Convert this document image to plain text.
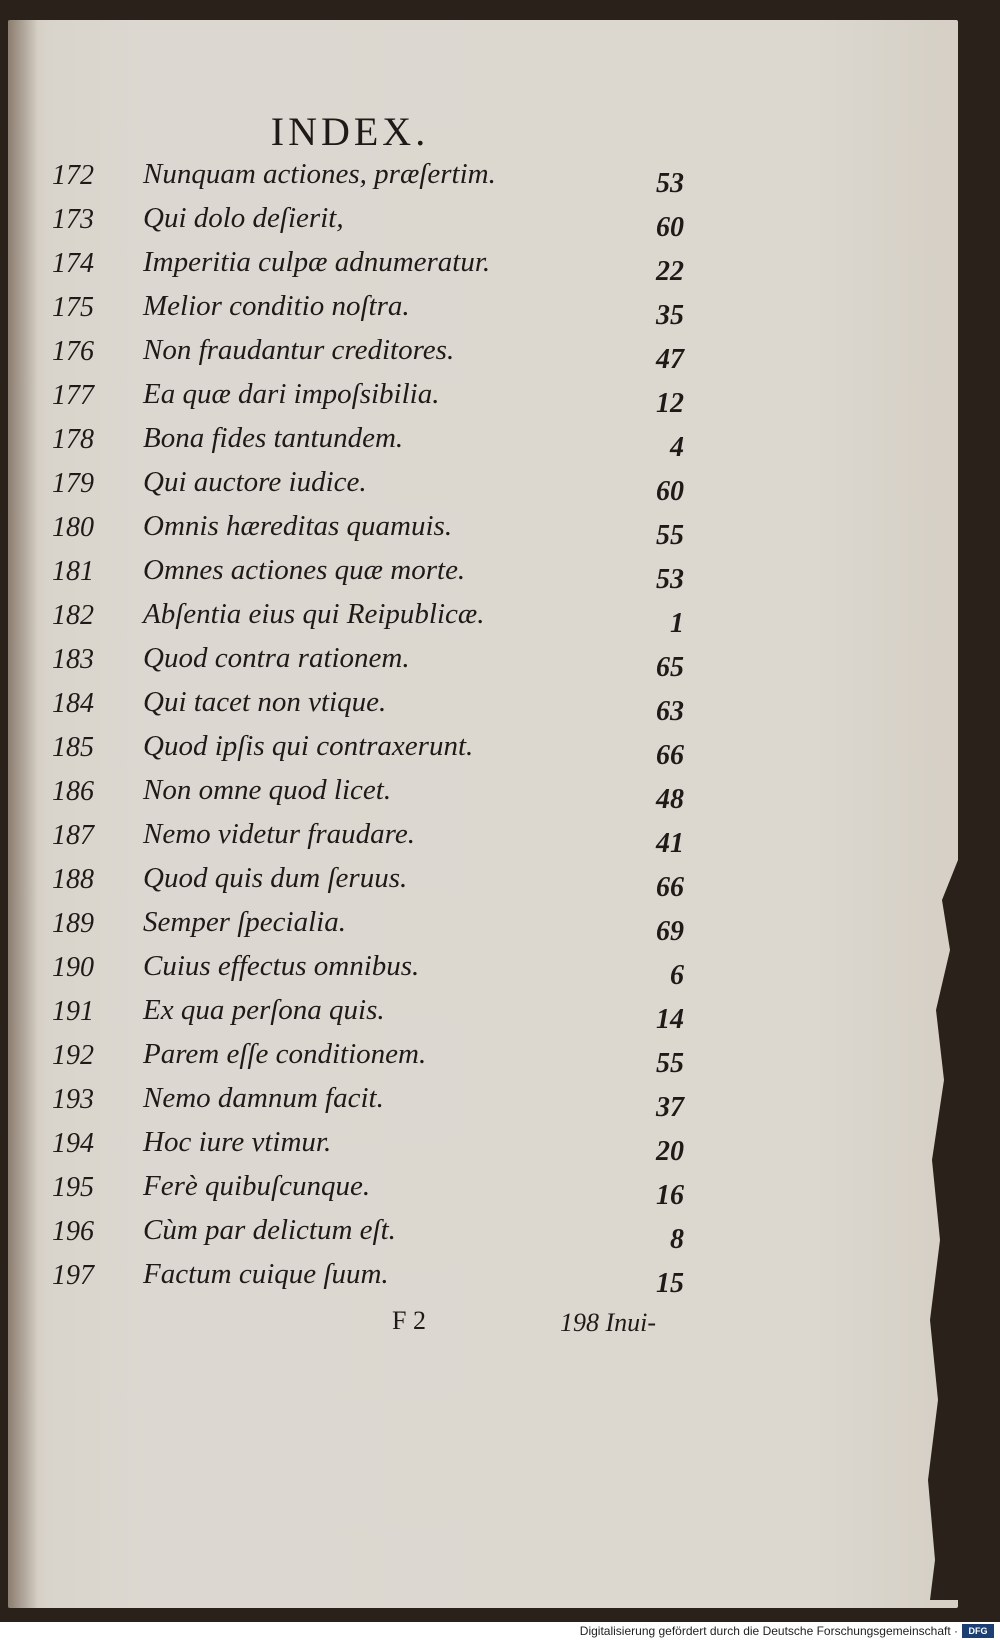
INDEX.
172	Nunquam actiones, præſertim.	53
173	Qui dolo deſierit,	60
174	Imperitia culpæ adnumeratur.	22
175	Melior conditio noſtra.	35
176	Non fraudantur creditores.	47
177	Ea quæ dari impoſsibilia.	12
178	Bona fides tantundem.	4
179	Qui auctore iudice.	60
180	Omnis hæreditas quamuis.	55
181	Omnes actiones quæ morte.	53
182	Abſentia eius qui Reipublicæ.	1
183	Quod contra rationem.	65
184	Qui tacet non vtique.	63
185	Quod ipſis qui contraxerunt.	66
186	Non omne quod licet.	48
187	Nemo videtur fraudare.	41
188	Quod quis dum ſeruus.	66
189	Semper ſpecialia.	69
190	Cuius effectus omnibus.	6
191	Ex qua perſona quis.	14
192	Parem eſſe conditionem.	55
193	Nemo damnum facit.	37
194	Hoc iure vtimur.	20
195	Ferè quibuſcunque.	16
196	Cùm par delictum eſt.	8
197	Factum cuique ſuum.	15
F 2	198 Inui-
Digitalisierung gefördert durch die Deutsche Forschungsgemeinschaft ·	DFG
